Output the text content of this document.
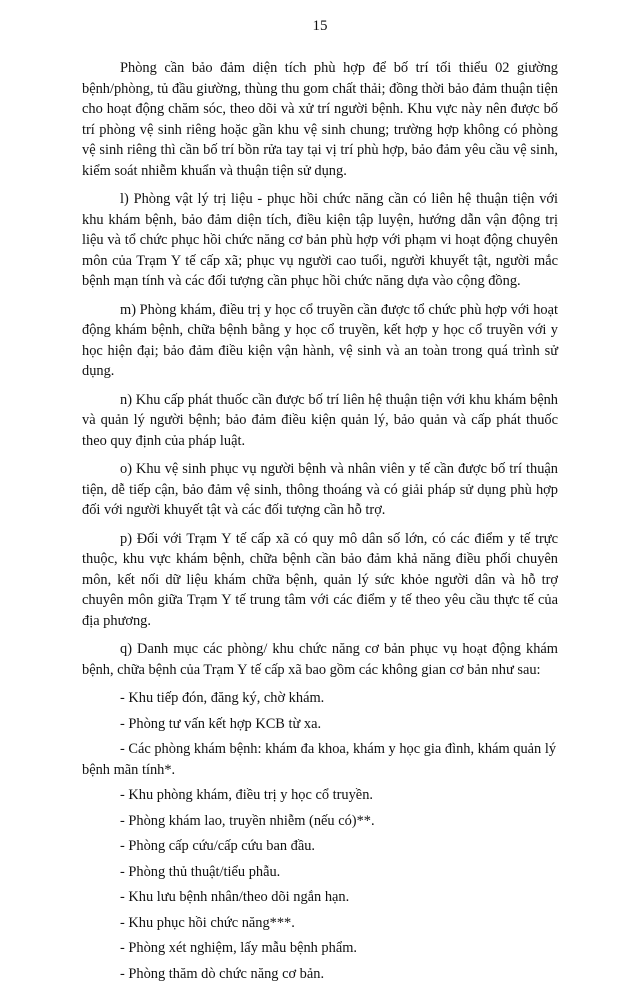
15

Phòng cần bảo đảm diện tích phù hợp để bố trí tối thiểu 02 giường bệnh/phòng, tủ đầu giường, thùng thu gom chất thải; đồng thời bảo đảm thuận tiện cho hoạt động chăm sóc, theo dõi và xử trí người bệnh. Khu vực này nên được bố trí phòng vệ sinh riêng hoặc gần khu vệ sinh chung; trường hợp không có phòng vệ sinh riêng thì cần bố trí bồn rửa tay tại vị trí phù hợp, bảo đảm yêu cầu vệ sinh, kiểm soát nhiễm khuẩn và thuận tiện sử dụng.

l) Phòng vật lý trị liệu - phục hồi chức năng cần có liên hệ thuận tiện với khu khám bệnh, bảo đảm diện tích, điều kiện tập luyện, hướng dẫn vận động trị liệu và tổ chức phục hồi chức năng cơ bản phù hợp với phạm vi hoạt động chuyên môn của Trạm Y tế cấp xã; phục vụ người cao tuổi, người khuyết tật, người mắc bệnh mạn tính và các đối tượng cần phục hồi chức năng dựa vào cộng đồng.

m) Phòng khám, điều trị y học cổ truyền cần được tổ chức phù hợp với hoạt động khám bệnh, chữa bệnh bằng y học cổ truyền, kết hợp y học cổ truyền với y học hiện đại; bảo đảm điều kiện vận hành, vệ sinh và an toàn trong quá trình sử dụng.

n) Khu cấp phát thuốc cần được bố trí liên hệ thuận tiện với khu khám bệnh và quản lý người bệnh; bảo đảm điều kiện quản lý, bảo quản và cấp phát thuốc theo quy định của pháp luật.

o) Khu vệ sinh phục vụ người bệnh và nhân viên y tế cần được bố trí thuận tiện, dễ tiếp cận, bảo đảm vệ sinh, thông thoáng và có giải pháp sử dụng phù hợp đối với người khuyết tật và các đối tượng cần hỗ trợ.

p) Đối với Trạm Y tế cấp xã có quy mô dân số lớn, có các điểm y tế trực thuộc, khu vực khám bệnh, chữa bệnh cần bảo đảm khả năng điều phối chuyên môn, kết nối dữ liệu khám chữa bệnh, quản lý sức khỏe người dân và hỗ trợ chuyên môn giữa Trạm Y tế trung tâm với các điểm y tế theo yêu cầu thực tế của địa phương.

q) Danh mục các phòng/ khu chức năng cơ bản phục vụ hoạt động khám bệnh, chữa bệnh của Trạm Y tế cấp xã bao gồm các không gian cơ bản như sau:

- Khu tiếp đón, đăng ký, chờ khám.

- Phòng tư vấn kết hợp KCB từ xa.

- Các phòng khám bệnh: khám đa khoa, khám y học gia đình, khám quản lý bệnh mãn tính*.

- Khu phòng khám, điều trị y học cổ truyền.

- Phòng khám lao, truyền nhiễm (nếu có)**.

- Phòng cấp cứu/cấp cứu ban đầu.

- Phòng thủ thuật/tiểu phẫu.

- Khu lưu bệnh nhân/theo dõi ngắn hạn.

- Khu phục hồi chức năng***.

- Phòng xét nghiệm, lấy mẫu bệnh phẩm.

- Phòng thăm dò chức năng cơ bản.
